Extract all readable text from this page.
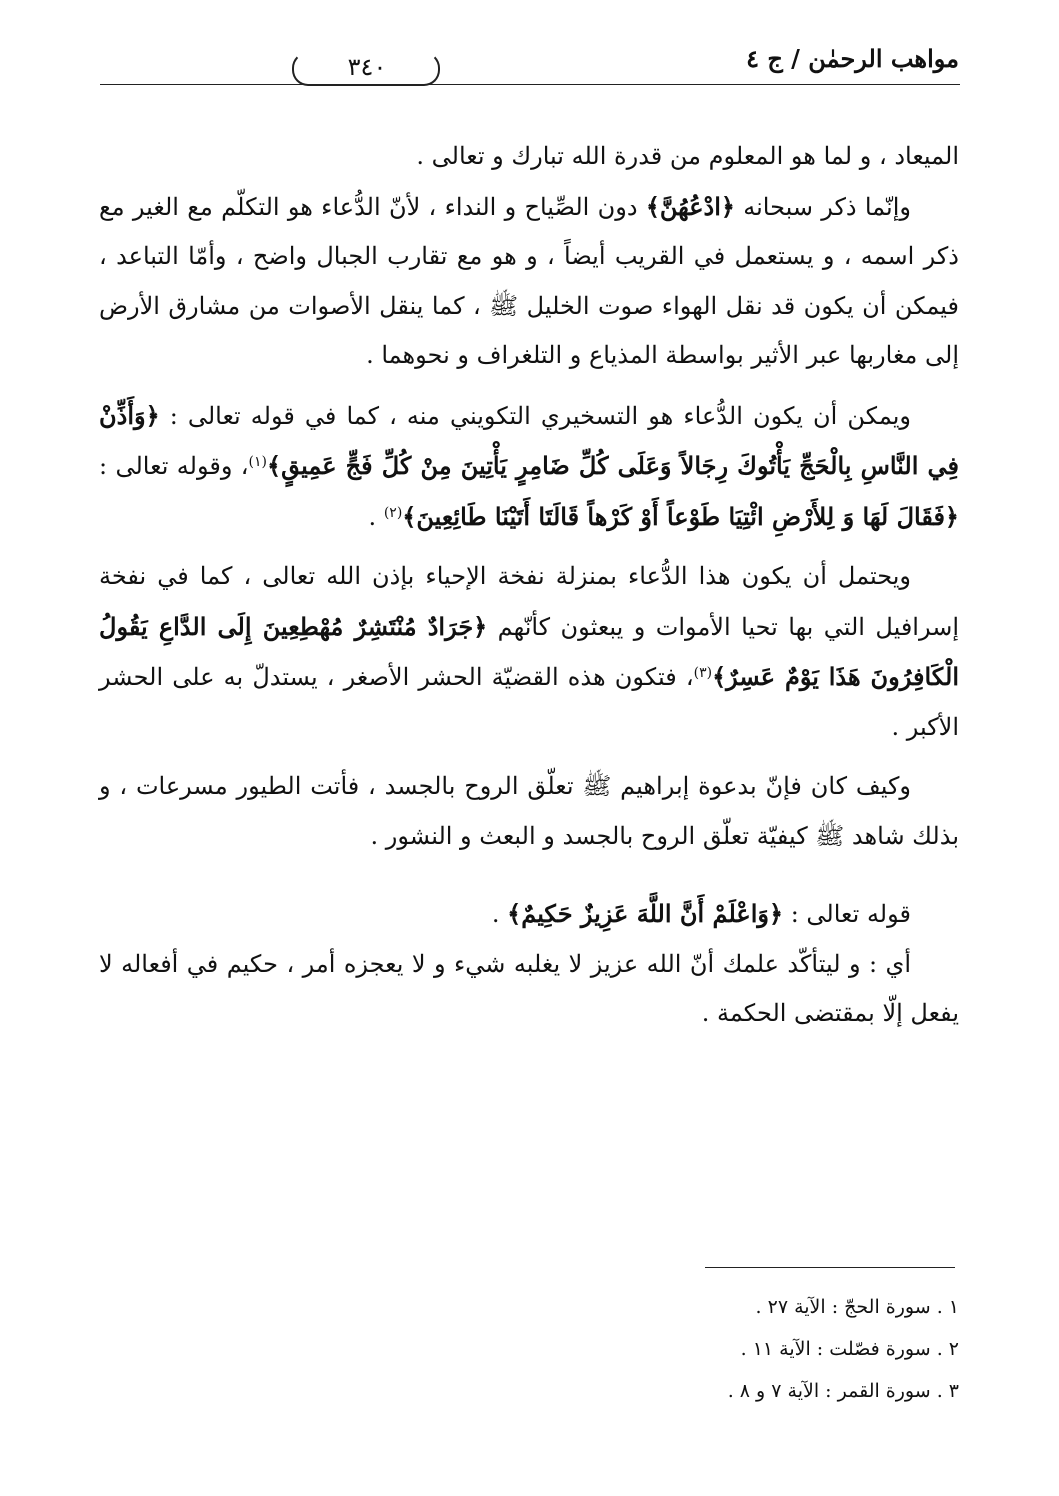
مواهب الرحمٰن / ج ٤
٣٤٠

الميعاد ، و لما هو المعلوم من قدرة الله تبارك و تعالى .

وإنّما ذكر سبحانه ﴿ادْعُهُنَّ﴾ دون الصِّياح و النداء ، لأنّ الدُّعاء هو التكلّم مع الغير مع ذكر اسمه ، و يستعمل في القريب أيضاً ، و هو مع تقارب الجبال واضح ، وأمّا التباعد ، فيمكن أن يكون قد نقل الهواء صوت الخليل ﷺ ، كما ينقل الأصوات من مشارق الأرض إلى مغاربها عبر الأثير بواسطة المذياع و التلغراف و نحوهما .

ويمكن أن يكون الدُّعاء هو التسخيري التكويني منه ، كما في قوله تعالى : ﴿وَأَذِّنْ فِي النَّاسِ بِالْحَجِّ يَأْتُوكَ رِجَالاً وَعَلَى كُلِّ ضَامِرٍ يَأْتِينَ مِنْ كُلِّ فَجٍّ عَمِيقٍ﴾$^{(١)}$، وقوله تعالى : ﴿فَقَالَ لَهَا وَ لِلأَرْضِ ائْتِيَا طَوْعاً أَوْ كَرْهاً قَالَتَا أَتَيْنَا طَائِعِينَ﴾$^{(٢)}$ .

ويحتمل أن يكون هذا الدُّعاء بمنزلة نفخة الإحياء بإذن الله تعالى ، كما في نفخة إسرافيل التي بها تحيا الأموات و يبعثون كأنّهم ﴿جَرَادٌ مُنْتَشِرٌ مُهْطِعِينَ إِلَى الدَّاعِ يَقُولُ الْكَافِرُونَ هَذَا يَوْمٌ عَسِرٌ﴾$^{(٣)}$، فتكون هذه القضيّة الحشر الأصغر ، يستدلّ به على الحشر الأكبر .

وكيف كان فإنّ بدعوة إبراهيم ﷺ تعلّق الروح بالجسد ، فأتت الطيور مسرعات ، و بذلك شاهد ﷺ كيفيّة تعلّق الروح بالجسد و البعث و النشور .

قوله تعالى : ﴿وَاعْلَمْ أَنَّ اللَّهَ عَزِيزٌ حَكِيمٌ﴾ .

أي : و ليتأكّد علمك أنّ الله عزيز لا يغلبه شيء و لا يعجزه أمر ، حكيم في أفعاله لا يفعل إلّا بمقتضى الحكمة .

١ . سورة الحجّ : الآية ٢٧ .
٢ . سورة فصّلت : الآية ١١ .
٣ . سورة القمر : الآية ٧ و ٨ .
